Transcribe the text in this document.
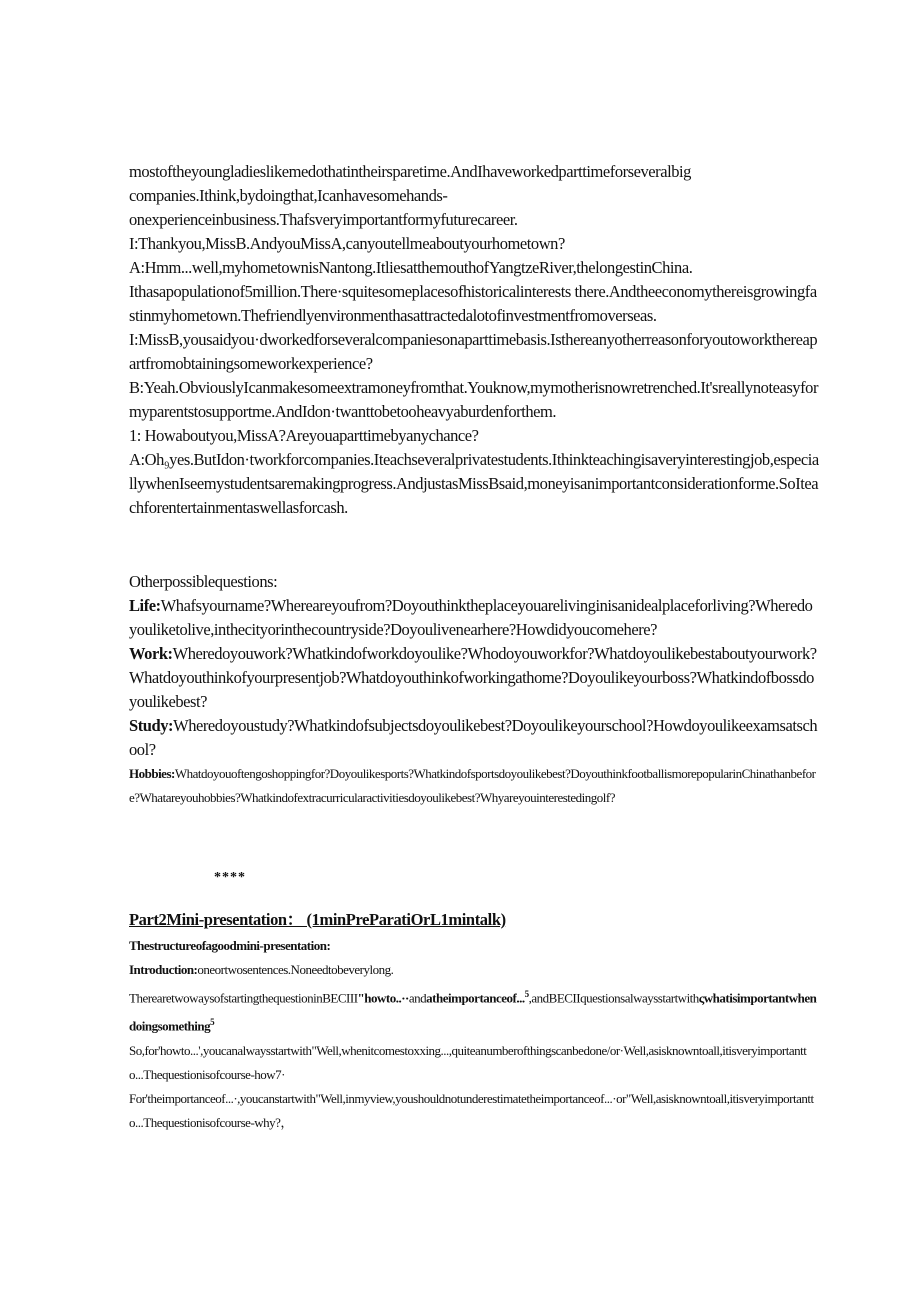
mostoftheyoungladieslikemedothatintheirsparetime.AndIhaveworkedparttimeforseveralbig

companies.Ithink,bydoingthat,Icanhavesomehands-

onexperienceinbusiness.Thafsveryimportantformyfuturecareer.

I:Thankyou,MissB.AndyouMissA,canyoutellmeaboutyourhometown?

A:Hmm...well,myhometownisNantong.ItliesatthemouthofYangtzeRiver,thelongestinChina.

Ithasapopulationof5million.There·squitesomeplacesofhistoricalinterests there.Andtheeconomythereisgrowingfastinmyhometown.Thefriendlyenvironmenthasattractedalotofinvestmentfromoverseas.

I:MissB,yousaidyou·dworkedforseveralcompaniesonaparttimebasis.Isthereanyotherreasonforyoutoworkthereapartfromobtainingsomeworkexperience?

B:Yeah.ObviouslyIcanmakesomeextramoneyfromthat.Youknow,mymotherisnowretrenched.It'sreallynoteasyformyparentstosupportme.AndIdon·twanttobetooheavyaburdenforthem.

1: Howaboutyou,MissA?Areyouaparttimebyanychance?

A:Oh₉yes.ButIdon·tworkforcompanies.Iteachseveralprivatestudents.Ithinkteachingisaveryinterestingjob,especiallywhenIseemystudentsaremakingprogress.AndjustasMissBsaid,moneyisanimportantconsiderationforme.SoIteachforentertainmentaswellasforcash.

Otherpossiblequestions:

Life:Whafsyourname?Whereareyoufrom?Doyouthinktheplaceyouarelivinginisanidealplaceforliving?Wheredoyouliketolive,inthecityorinthecountryside?Doyoulivenearhere?Howdidyoucomehere?

Work:Wheredoyouwork?Whatkindofworkdoyoulike?Whodoyouworkfor?Whatdoyoulikebestaboutyourwork?Whatdoyouthinkofyourpresentjob?Whatdoyouthinkofworkingathome?Doyoulikeyourboss?Whatkindofbossdoyoulikebest?

Study:Wheredoyoustudy?Whatkindofsubjectsdoyoulikebest?Doyoulikeyourschool?Howdoyoulikeexamsatschool?

Hobbies:Whatdoyouoftengoshoppingfor?Doyoulikesports?Whatkindofsportsdoyoulikebest?DoyouthinkfootballismorepopularinChinathanbefore?Whatareyouhobbies?Whatkindofextracurricularactivitiesdoyoulikebest?Whyareyouinterestedingolf?

****
Part2Mini-presentation： (1minPreParatiOrL1mintalk)

Thestructureofagoodmini-presentation:

Introduction:oneortwosentences.Noneedtobeverylong.

TherearetwowaysofstartingthequestioninBECIII"howto..··andatheimportanceof...$^5$,andBECIIquestionsalwaysstartwithςwhatisimportantwhendoingsomething$^5$

So,for'howto...',youcanalwaysstartwith"Well,whenitcomestoxxing...,quiteanumberofthingscanbedone/or·Well,asisknowntoall,itisveryimportantto...Thequestionisofcourse-how7·

For'theimportanceof...·,youcanstartwith"Well,inmyview,youshouldnotunderestimatetheimportanceof...·or"Well,asisknowntoall,itisveryimportantto...Thequestionisofcourse-why?，
